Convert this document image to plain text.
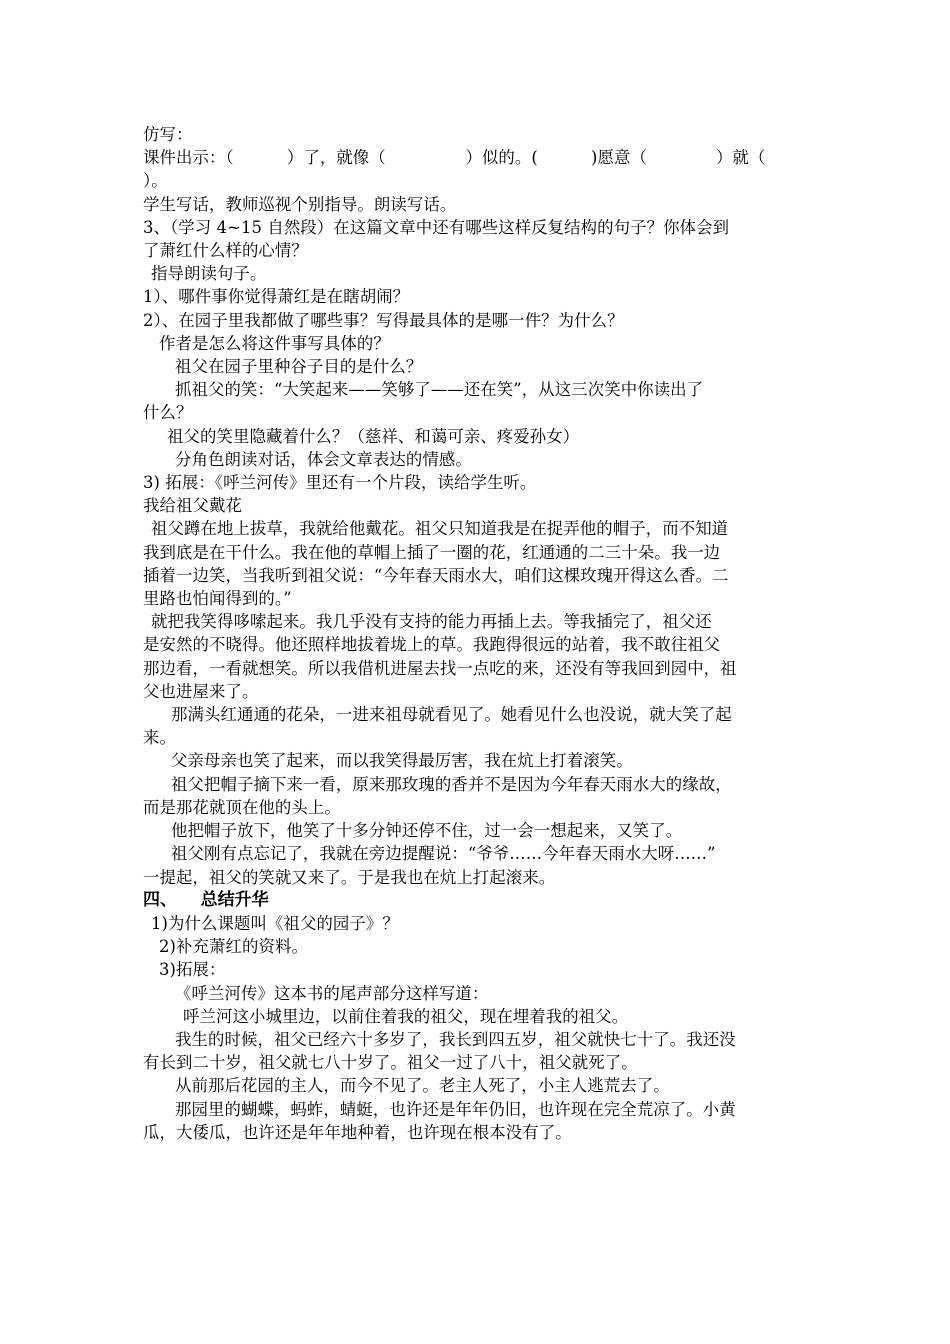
仿写：
课件出示：（          ）了，就像（               ）似的。(          )愿意（             ）就（
）。
学生写话，教师巡视个别指导。朗读写话。
3、（学习 4~15 自然段）在这篇文章中还有哪些这样反复结构的句子？你体会到
了萧红什么样的心情？
指导朗读句子。
1）、哪件事你觉得萧红是在瞎胡闹？
2）、在园子里我都做了哪些事？写得最具体的是哪一件？为什么？
作者是怎么将这件事写具体的？
祖父在园子里种谷子目的是什么？
抓祖父的笑：“大笑起来——笑够了——还在笑”，从这三次笑中你读出了
什么？
祖父的笑里隐藏着什么？（慈祥、和蔼可亲、疼爱孙女）
分角色朗读对话，体会文章表达的情感。
3) 拓展：《呼兰河传》里还有一个片段，读给学生听。
我给祖父戴花
祖父蹲在地上拔草，我就给他戴花。祖父只知道我是在捉弄他的帽子，而不知道
我到底是在干什么。我在他的草帽上插了一圈的花，红通通的二三十朵。我一边
插着一边笑，当我听到祖父说：“今年春天雨水大，咱们这棵玫瑰开得这么香。二
里路也怕闻得到的。”
就把我笑得哆嗦起来。我几乎没有支持的能力再插上去。等我插完了，祖父还
是安然的不晓得。他还照样地拔着垅上的草。我跑得很远的站着，我不敢往祖父
那边看，一看就想笑。所以我借机进屋去找一点吃的来，还没有等我回到园中，祖
父也进屋来了。
那满头红通通的花朵，一进来祖母就看见了。她看见什么也没说，就大笑了起
来。
父亲母亲也笑了起来，而以我笑得最厉害，我在炕上打着滚笑。
祖父把帽子摘下来一看，原来那玫瑰的香并不是因为今年春天雨水大的缘故，
而是那花就顶在他的头上。
他把帽子放下，他笑了十多分钟还停不住，过一会一想起来，又笑了。
祖父刚有点忘记了，我就在旁边提醒说：“爷爷……今年春天雨水大呀……”
一提起，祖父的笑就又来了。于是我也在炕上打起滚来。
四、    总结升华
1)为什么课题叫《祖父的园子》？
2)补充萧红的资料。
3)拓展：
《呼兰河传》这本书的尾声部分这样写道：
呼兰河这小城里边，以前住着我的祖父，现在埋着我的祖父。
我生的时候，祖父已经六十多岁了，我长到四五岁，祖父就快七十了。我还没
有长到二十岁，祖父就七八十岁了。祖父一过了八十，祖父就死了。
从前那后花园的主人，而今不见了。老主人死了，小主人逃荒去了。
那园里的蝴蝶，蚂蚱，蜻蜓，也许还是年年仍旧，也许现在完全荒凉了。小黄
瓜，大倭瓜，也许还是年年地种着，也许现在根本没有了。
